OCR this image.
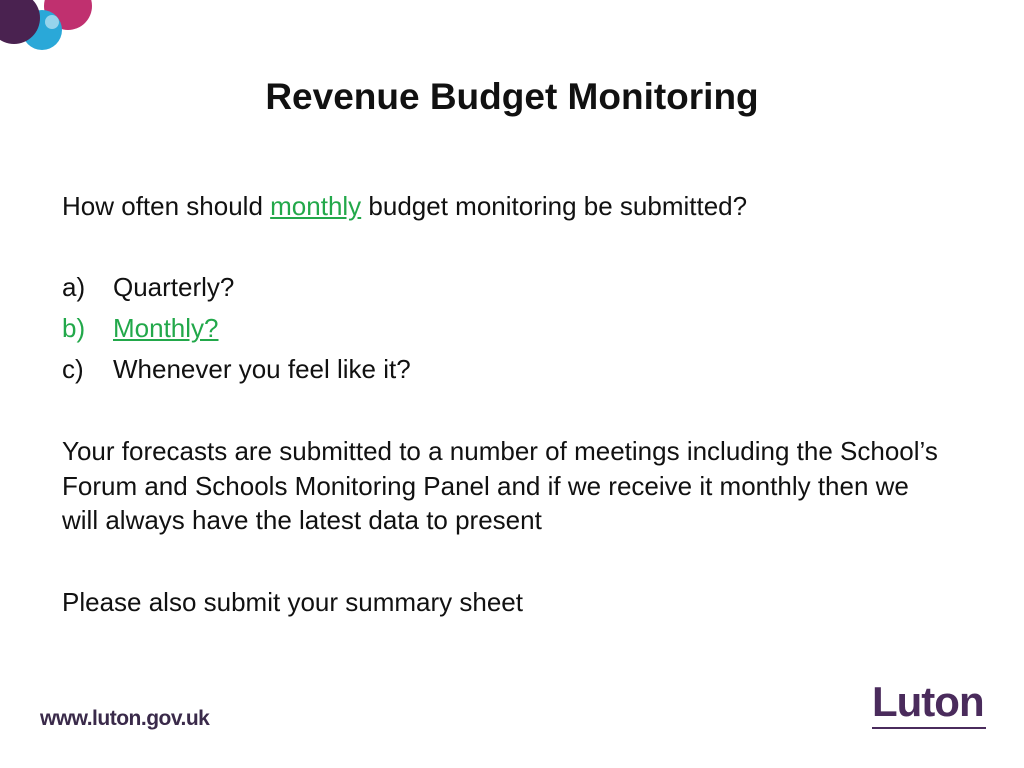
Revenue Budget Monitoring

How often should monthly budget monitoring be submitted?

a)	Quarterly?
b)	Monthly?
c)	Whenever you feel like it?

Your forecasts are submitted to a number of meetings including the School’s Forum and Schools Monitoring Panel and if we receive it monthly then we will always have the latest data to present

Please also submit your summary sheet

www.luton.gov.uk	Luton
